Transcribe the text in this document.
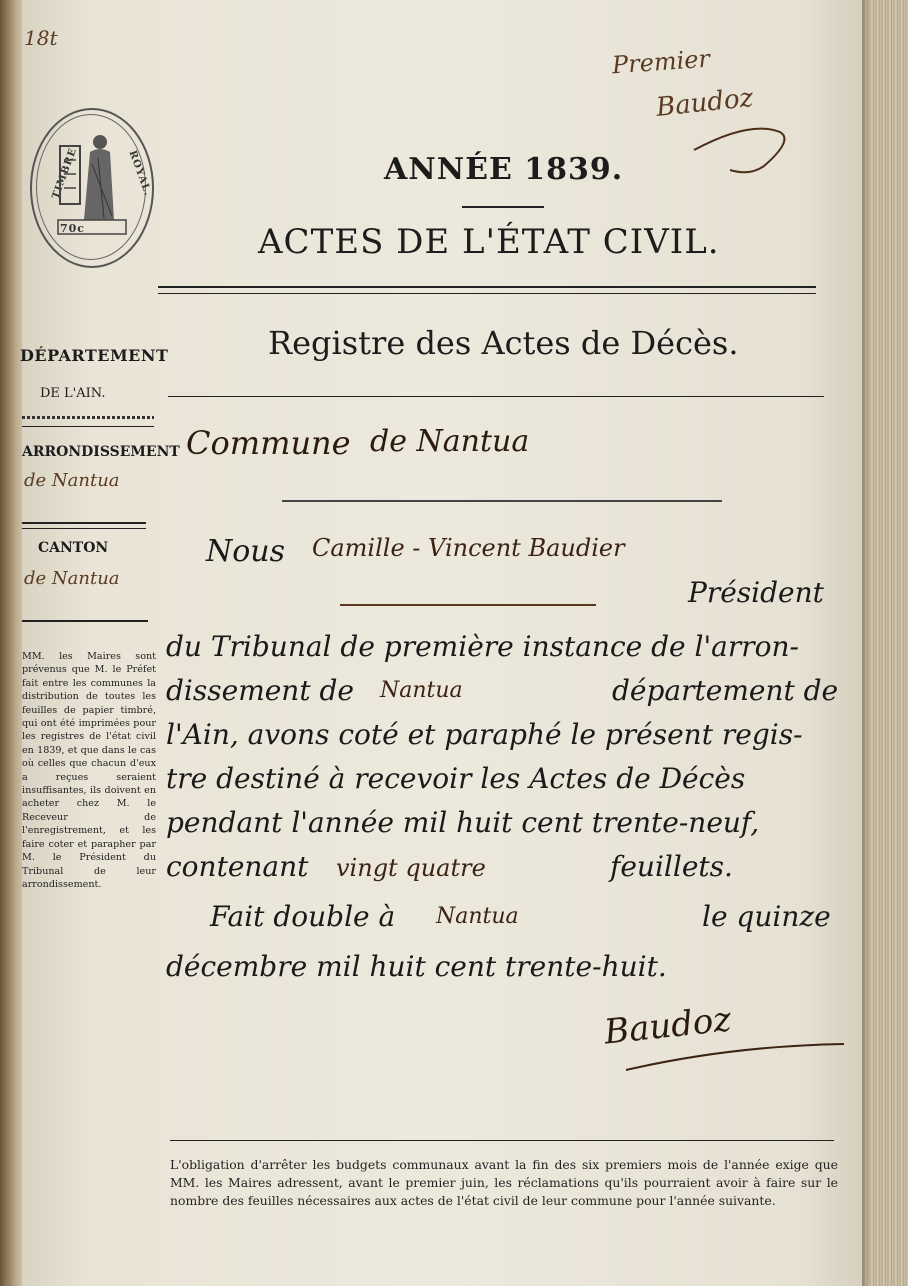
18t
TIMBRE	ROYAL.
70c
Premier
Baudoz
ANNÉE 1839.
ACTES DE L'ÉTAT CIVIL.
Registre des Actes de Décès.
Commune de Nantua
DÉPARTEMENT
DE L'AIN.
ARRONDISSEMENT
de Nantua
CANTON
de Nantua
MM. les Maires sont prévenus que M. le Préfet fait entre les communes la distribution de toutes les feuilles de papier timbré, qui ont été imprimées pour les registres de l'état civil en 1839, et que dans le cas où celles que chacun d'eux a reçues seraient insuffisantes, ils doivent en acheter chez M. le Receveur de l'enregistrement, et les faire coter et parapher par M. le Président du Tribunal de leur arrondissement.
Nous Camille - Vincent Baudier
Président
du Tribunal de première instance de l'arron-
dissement de Nantua	département de
l'Ain, avons coté et paraphé le présent regis-
tre destiné à recevoir les Actes de Décès
pendant l'année mil huit cent trente-neuf,
contenant vingt quatre	feuillets.
Fait double à Nantua	le quinze
décembre mil huit cent trente-huit.
Baudoz
L'obligation d'arrêter les budgets communaux avant la fin des six premiers mois de l'année exige que MM. les Maires adressent, avant le premier juin, les réclamations qu'ils pourraient avoir à faire sur le nombre des feuilles nécessaires aux actes de l'état civil de leur commune pour l'année suivante.
